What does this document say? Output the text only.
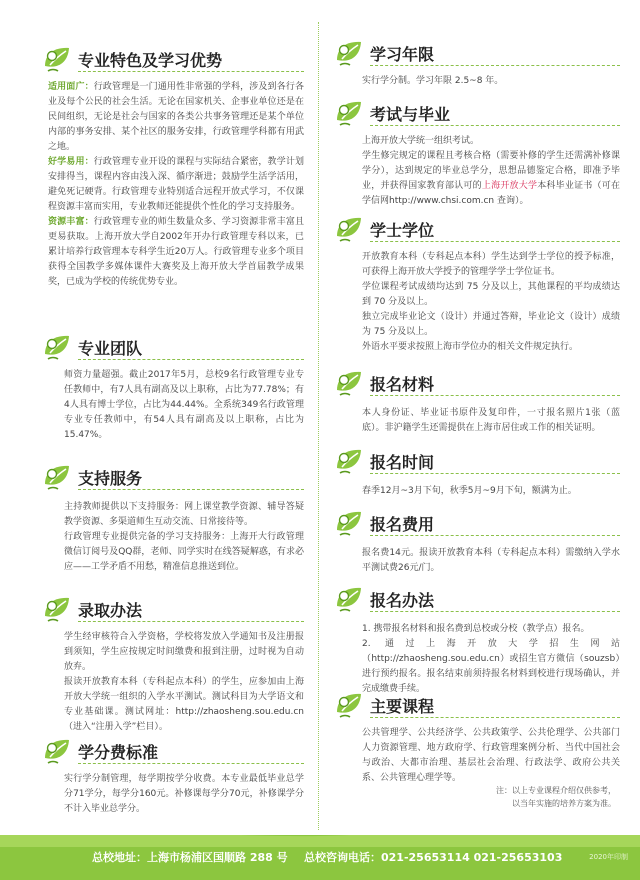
专业特色及学习优势

适用面广：行政管理是一门通用性非常强的学科，涉及到各行各业及每个公民的社会生活。无论在国家机关、企事业单位还是在民间组织，无论是社会与国家的各类公共事务管理还是某个单位内部的事务安排、某个社区的服务安排，行政管理学科都有用武之地。

好学易用：行政管理专业开设的课程与实际结合紧密，教学计划安排得当，课程内容由浅入深、循序渐进；鼓励学生活学活用，避免死记硬背。行政管理专业特别适合远程开放式学习，不仅课程资源丰富而实用，专业教师还能提供个性化的学习支持服务。

资源丰富：行政管理专业的师生数量众多、学习资源非常丰富且更易获取。上海开放大学自2002年开办行政管理专科以来，已累计培养行政管理本专科学生近20万人。行政管理专业多个项目获得全国教学多媒体课件大赛奖及上海开放大学首届教学成果奖，已成为学校的传统优势专业。

专业团队

师资力量超强。截止2017年5月，总校9名行政管理专业专任教师中，有7人具有副高及以上职称，占比为77.78%；有4人具有博士学位，占比为44.44%。全系统349名行政管理专业专任教师中，有54人具有副高及以上职称，占比为15.47%。

支持服务

主持教师提供以下支持服务：网上课堂教学资源、辅导答疑教学资源、多渠道师生互动交流、日常接待等。

行政管理专业提供完备的学习支持服务：上海开大行政管理微信订阅号及QQ群，老师、同学实时在线答疑解惑，有求必应——工学矛盾不用愁，精准信息推送到位。

录取办法

学生经审核符合入学资格，学校将发放入学通知书及注册报到须知，学生应按规定时间缴费和报到注册，过时视为自动放弃。

报读开放教育本科（专科起点本科）的学生，应参加由上海开放大学统一组织的入学水平测试。测试科目为大学语文和专业基础课。测试网址：http://zhaosheng.sou.edu.cn（进入“注册入学”栏目）。

学分费标准

实行学分制管理，每学期按学分收费。本专业最低毕业总学分71学分，每学分160元。补修课每学分70元，补修课学分不计入毕业总学分。

学习年限

实行学分制。学习年限 2.5~8 年。

考试与毕业

上海开放大学统一组织考试。

学生修完规定的课程且考核合格（需要补修的学生还需满补修课学分），达到规定的毕业总学分，思想品德鉴定合格，即准予毕业，并获得国家教育部认可的上海开放大学本科毕业证书（可在学信网http://www.chsi.com.cn 查询）。

学士学位

开放教育本科（专科起点本科）学生达到学士学位的授予标准，可获得上海开放大学授予的管理学学士学位证书。

学位课程考试成绩均达到 75 分及以上，其他课程的平均成绩达到 70 分及以上。

独立完成毕业论文（设计）并通过答辩，毕业论文（设计）成绩为 75 分及以上。

外语水平要求按照上海市学位办的相关文件规定执行。

报名材料

本人身份证、毕业证书原件及复印件，一寸报名照片1张（蓝底）。非沪籍学生还需提供在上海市居住或工作的相关证明。

报名时间

春季12月~3月下旬，秋季5月~9月下旬，额满为止。

报名费用

报名费14元。报读开放教育本科（专科起点本科）需缴纳入学水平测试费26元/门。

报名办法

1. 携带报名材料和报名费到总校或分校（教学点）报名。

2. 通过上海开放大学招生网站（http://zhaosheng.sou.edu.cn）或招生官方微信（souzsb）进行预约报名。报名结束前须持报名材料到校进行现场确认，并完成缴费手续。

主要课程

公共管理学、公共经济学、公共政策学、公共伦理学、公共部门人力资源管理、地方政府学、行政管理案例分析、当代中国社会与政治、大都市治理、基层社会治理、行政法学、政府公共关系、公共管理心理学等。

注：以上专业课程介绍仅供参考，
以当年实施的培养方案为准。
总校地址：上海市杨浦区国顺路 288 号 总校咨询电话：021-25653114 021-25653103	2020年印制
